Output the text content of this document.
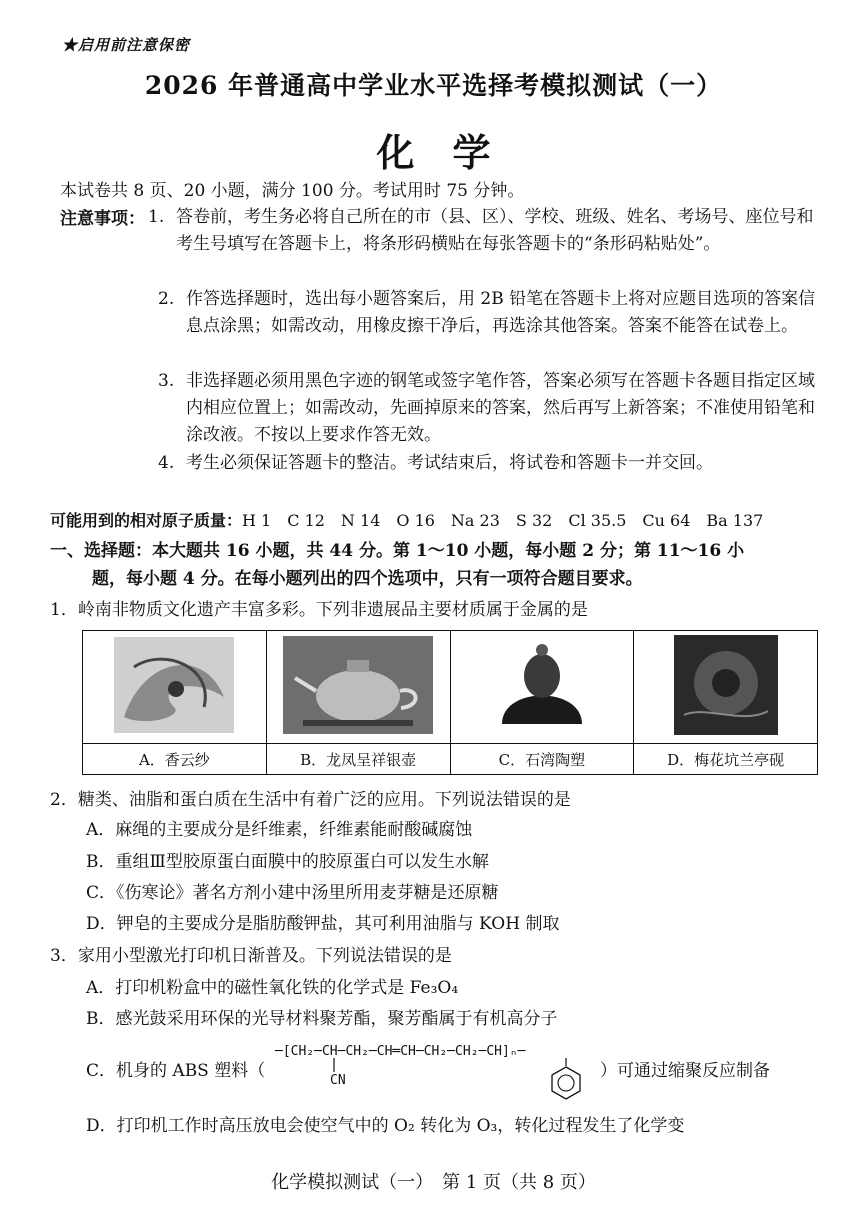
★启用前注意保密
2026 年普通高中学业水平选择考模拟测试（一）
化学
本试卷共 8 页、20 小题，满分 100 分。考试用时 75 分钟。
注意事项： 1. 答卷前，考生务必将自己所在的市（县、区）、学校、班级、姓名、考场号、座位号和考生号填写在答题卡上，将条形码横贴在每张答题卡的“条形码粘贴处”。
2. 作答选择题时，选出每小题答案后，用 2B 铅笔在答题卡上将对应题目选项的答案信息点涂黑；如需改动，用橡皮擦干净后，再选涂其他答案。答案不能答在试卷上。
3. 非选择题必须用黑色字迹的钢笔或签字笔作答，答案必须写在答题卡各题目指定区域内相应位置上；如需改动，先画掉原来的答案，然后再写上新答案；不准使用铅笔和涂改液。不按以上要求作答无效。
4. 考生必须保证答题卡的整洁。考试结束后，将试卷和答题卡一并交回。
可能用到的相对原子质量：H 1　C 12　N 14　O 16　Na 23　S 32　Cl 35.5　Cu 64　Ba 137
一、选择题：本大题共 16 小题，共 44 分。第 1～10 小题，每小题 2 分；第 11～16 小
题，每小题 4 分。在每小题列出的四个选项中，只有一项符合题目要求。
1．岭南非物质文化遗产丰富多彩。下列非遗展品主要材质属于金属的是

A．香云纱	B．龙凤呈祥银壶	C．石湾陶塑	D．梅花坑兰亭砚
2．糖类、油脂和蛋白质在生活中有着广泛的应用。下列说法错误的是
A．麻绳的主要成分是纤维素，纤维素能耐酸碱腐蚀
B．重组Ⅲ型胶原蛋白面膜中的胶原蛋白可以发生水解
C．《伤寒论》著名方剂小建中汤里所用麦芽糖是还原糖
D．钾皂的主要成分是脂肪酸钾盐，其可利用油脂与 KOH 制取
3．家用小型激光打印机日渐普及。下列说法错误的是
A．打印机粉盒中的磁性氧化铁的化学式是 Fe₃O₄
B．感光鼓采用环保的光导材料聚芳酯，聚芳酯属于有机高分子
C．机身的 ABS 塑料（
─[CH₂─CH─CH₂─CH═CH─CH₂─CH₂─CH]ₙ─
CN	）可通过缩聚反应制备
D．打印机工作时高压放电会使空气中的 O₂ 转化为 O₃，转化过程发生了化学变
化学模拟测试（一）　第 1 页（共 8 页）
